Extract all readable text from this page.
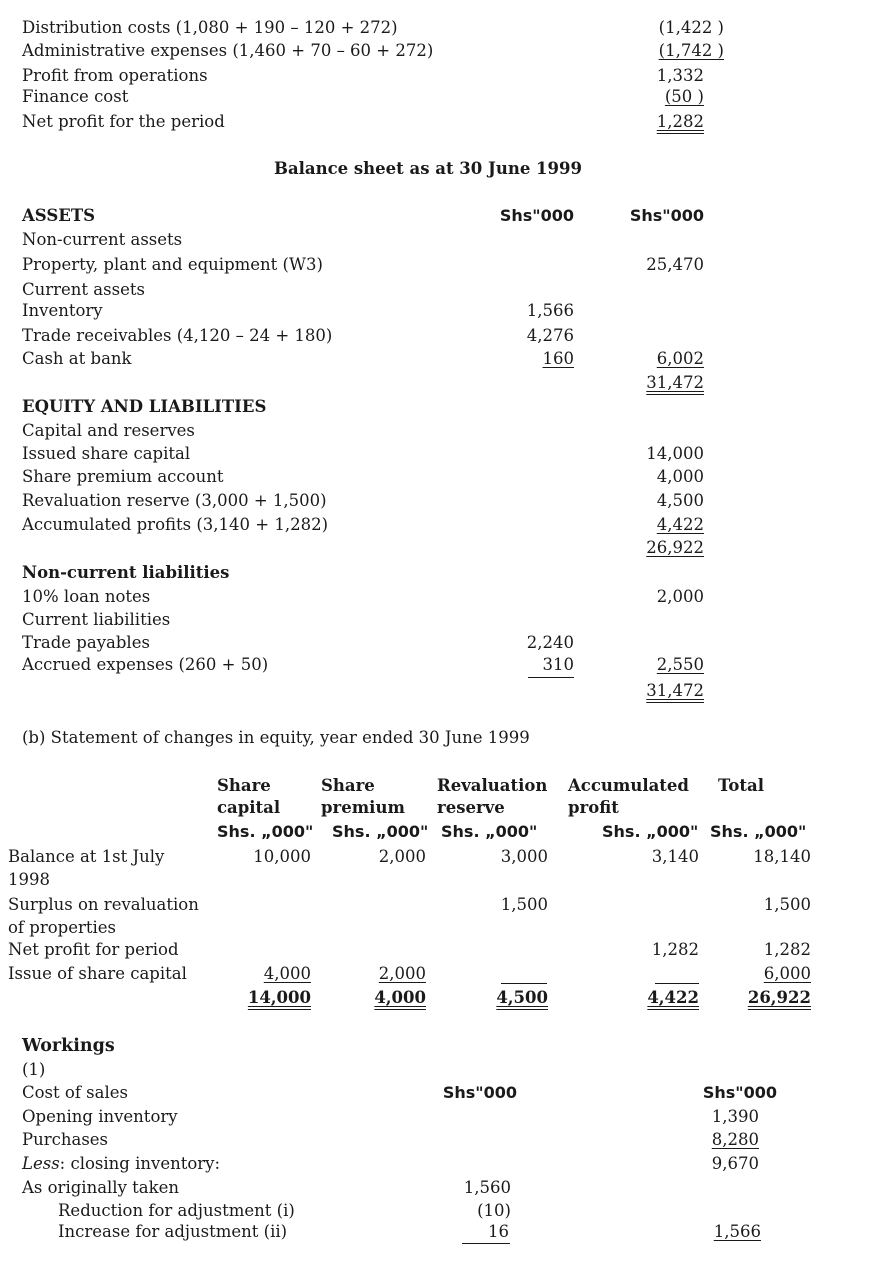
Distribution costs (1,080 + 190 – 120 + 272)	(1,422 )
Administrative expenses (1,460 + 70 – 60 + 272)	(1,742 )
Profit from operations	1,332
Finance cost	(50 )
Net profit for the period	1,282
Balance sheet as at 30 June 1999
ASSETS	Shs"000	Shs"000
Non-current assets
Property, plant and equipment (W3)	25,470
Current assets
Inventory	1,566
Trade receivables (4,120 – 24 + 180)	4,276
Cash at bank	160	6,002
31,472
EQUITY AND LIABILITIES
Capital and reserves
Issued share capital	14,000
Share premium account	4,000
Revaluation reserve (3,000 + 1,500)	4,500
Accumulated profits (3,140 + 1,282)	4,422
26,922
Non-current liabilities
10% loan notes	2,000
Current liabilities
Trade payables	2,240
Accrued expenses (260 + 50)	310	2,550
31,472
(b) Statement of changes in equity, year ended 30 June 1999
Share
capital
Share
premium
Revaluation
reserve
Accumulated
profit
Total
Shs. „000" Shs. „000" Shs. „000"	Shs. „000" Shs. „000"
Balance at 1st July
1998
10,000	2,000	3,000	3,140	18,140
Surplus on revaluation
of properties
1,500	1,500
Net profit for period	1,282	1,282
Issue of share capital	4,000	2,000	6,000
14,000	4,000	4,500	4,422	26,922
Workings
(1)
Cost of sales	Shs"000	Shs"000
Opening inventory	1,390
Purchases	8,280
9,670
Less: closing inventory:
As originally taken	1,560
Reduction for adjustment (i)	(10)
Increase for adjustment (ii)	16	1,566
